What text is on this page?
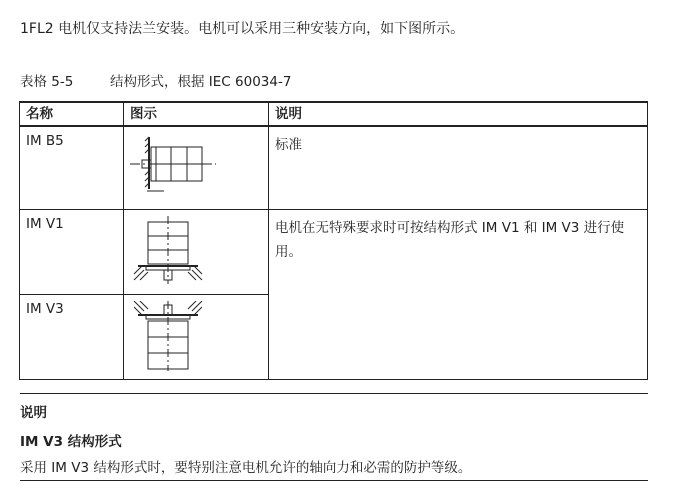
1FL2 电机仅支持法兰安装。电机可以采用三种安装方向，如下图所示。
表格 5-5	结构形式，根据 IEC 60034-7
名称	图示	说明
IM B5		标准
IM V1		电机在无特殊要求时可按结构形式 IM V1 和 IM V3 进行使用。
IM V3	
说明
IM V3 结构形式
采用 IM V3 结构形式时，要特别注意电机允许的轴向力和必需的防护等级。
